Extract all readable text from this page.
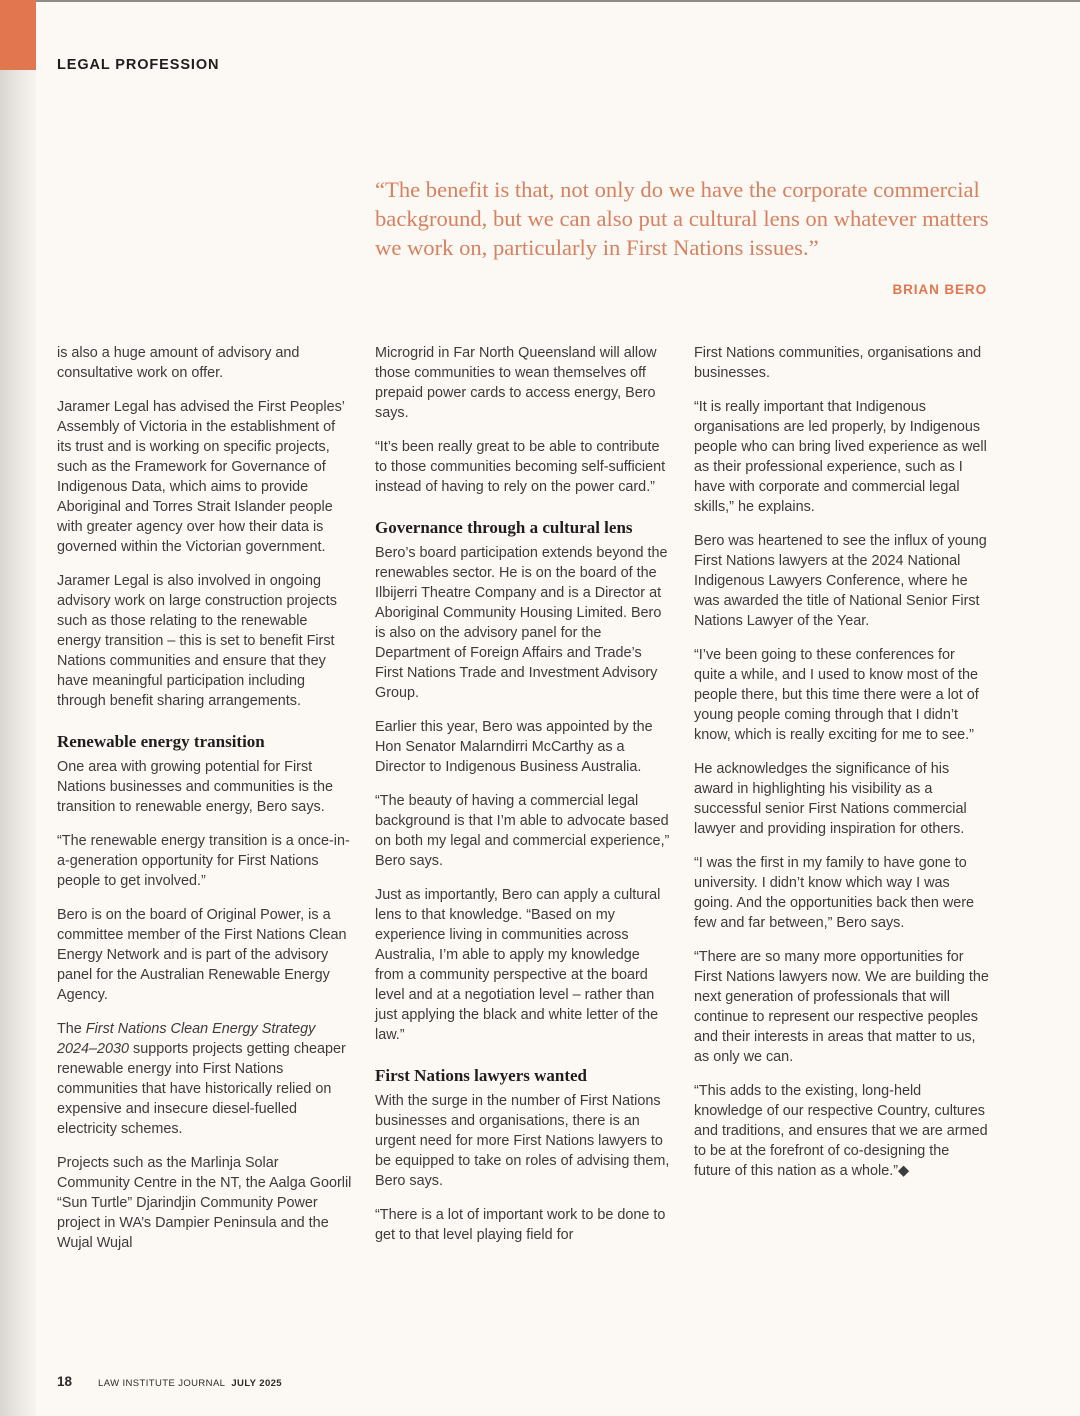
LEGAL PROFESSION
“The benefit is that, not only do we have the corporate commercial background, but we can also put a cultural lens on whatever matters we work on, particularly in First Nations issues.”
BRIAN BERO

is also a huge amount of advisory and consultative work on offer.

Jaramer Legal has advised the First Peoples’ Assembly of Victoria in the establishment of its trust and is working on specific projects, such as the Framework for Governance of Indigenous Data, which aims to provide Aboriginal and Torres Strait Islander people with greater agency over how their data is governed within the Victorian government.

Jaramer Legal is also involved in ongoing advisory work on large construction projects such as those relating to the renewable energy transition – this is set to benefit First Nations communities and ensure that they have meaningful participation including through benefit sharing arrangements.

Renewable energy transition

One area with growing potential for First Nations businesses and communities is the transition to renewable energy, Bero says.

“The renewable energy transition is a once-in-a-generation opportunity for First Nations people to get involved.”

Bero is on the board of Original Power, is a committee member of the First Nations Clean Energy Network and is part of the advisory panel for the Australian Renewable Energy Agency.

The First Nations Clean Energy Strategy 2024–2030 supports projects getting cheaper renewable energy into First Nations communities that have historically relied on expensive and insecure diesel-fuelled electricity schemes.

Projects such as the Marlinja Solar Community Centre in the NT, the Aalga Goorlil “Sun Turtle” Djarindjin Community Power project in WA’s Dampier Peninsula and the Wujal Wujal

Microgrid in Far North Queensland will allow those communities to wean themselves off prepaid power cards to access energy, Bero says.

“It’s been really great to be able to contribute to those communities becoming self-sufficient instead of having to rely on the power card.”

Governance through a cultural lens

Bero’s board participation extends beyond the renewables sector. He is on the board of the Ilbijerri Theatre Company and is a Director at Aboriginal Community Housing Limited. Bero is also on the advisory panel for the Department of Foreign Affairs and Trade’s First Nations Trade and Investment Advisory Group.

Earlier this year, Bero was appointed by the Hon Senator Malarndirri McCarthy as a Director to Indigenous Business Australia.

“The beauty of having a commercial legal background is that I’m able to advocate based on both my legal and commercial experience,” Bero says.

Just as importantly, Bero can apply a cultural lens to that knowledge. “Based on my experience living in communities across Australia, I’m able to apply my knowledge from a community perspective at the board level and at a negotiation level – rather than just applying the black and white letter of the law.”

First Nations lawyers wanted

With the surge in the number of First Nations businesses and organisations, there is an urgent need for more First Nations lawyers to be equipped to take on roles of advising them, Bero says.

“There is a lot of important work to be done to get to that level playing field for

First Nations communities, organisations and businesses.

“It is really important that Indigenous organisations are led properly, by Indigenous people who can bring lived experience as well as their professional experience, such as I have with corporate and commercial legal skills,” he explains.

Bero was heartened to see the influx of young First Nations lawyers at the 2024 National Indigenous Lawyers Conference, where he was awarded the title of National Senior First Nations Lawyer of the Year.

“I’ve been going to these conferences for quite a while, and I used to know most of the people there, but this time there were a lot of young people coming through that I didn’t know, which is really exciting for me to see.”

He acknowledges the significance of his award in highlighting his visibility as a successful senior First Nations commercial lawyer and providing inspiration for others.

“I was the first in my family to have gone to university. I didn’t know which way I was going. And the opportunities back then were few and far between,” Bero says.

“There are so many more opportunities for First Nations lawyers now. We are building the next generation of professionals that will continue to represent our respective peoples and their interests in areas that matter to us, as only we can.

“This adds to the existing, long-held knowledge of our respective Country, cultures and traditions, and ensures that we are armed to be at the forefront of co-designing the future of this nation as a whole.”◆

18	LAW INSTITUTE JOURNAL JULY 2025
